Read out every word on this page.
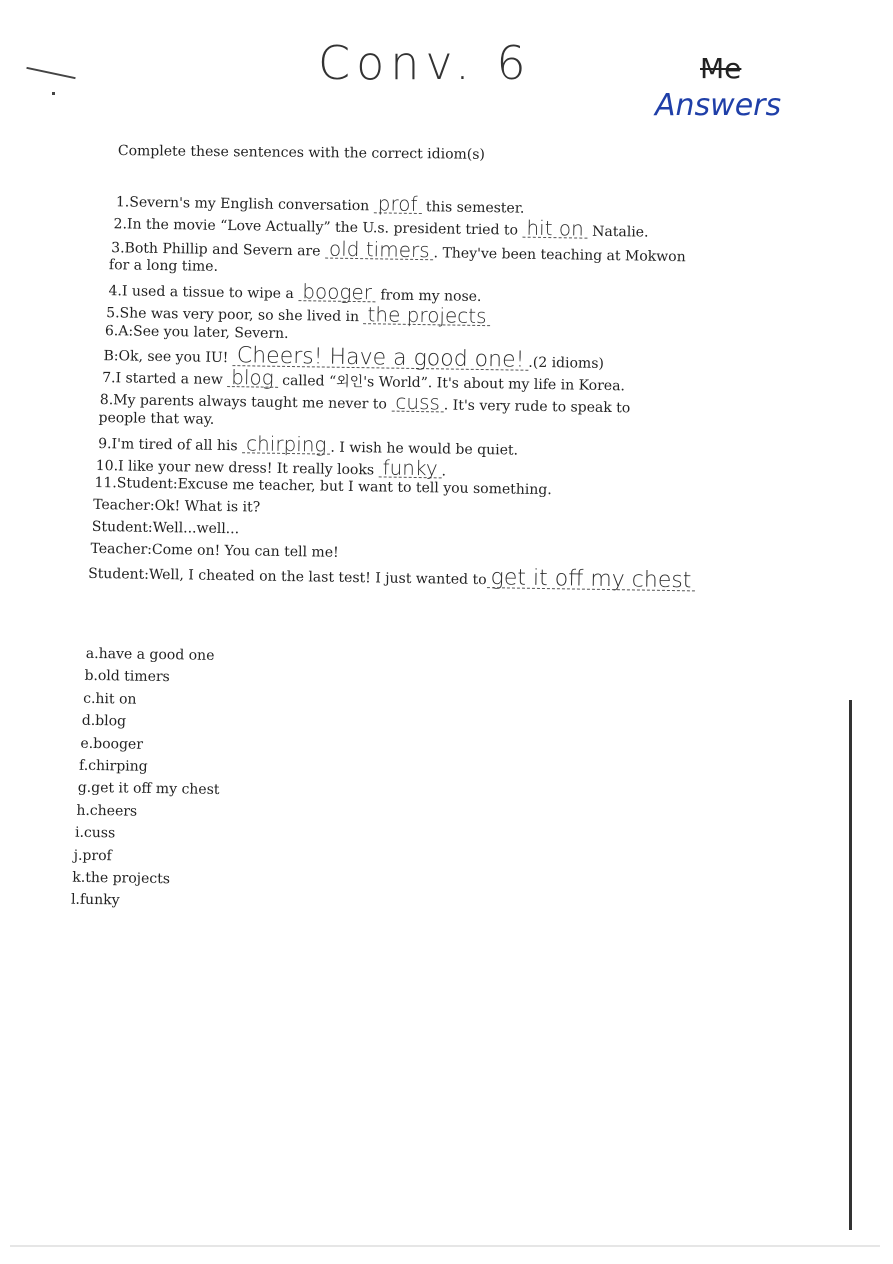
Conv. 6	Me
Answers
Complete these sentences with the correct idiom(s)
1.Severn's my English conversation prof this semester.
2.In the movie “Love Actually” the U.s. president tried to hit on Natalie.
3.Both Phillip and Severn are old timers . They've been teaching at Mokwon
for a long time.
4.I used a tissue to wipe a booger from my nose.
5.She was very poor, so she lived in the projects
6.A:See you later, Severn.
B:Ok, see you IU! Cheers! Have a good one! .(2 idioms)
7.I started a new blog called “외인's World”. It's about my life in Korea.
8.My parents always taught me never to cuss . It's very rude to speak to
people that way.
9.I'm tired of all his chirping . I wish he would be quiet.
10.I like your new dress! It really looks funky .
11.Student:Excuse me teacher, but I want to tell you something.
Teacher:Ok! What is it?
Student:Well...well...
Teacher:Come on! You can tell me!
Student:Well, I cheated on the last test! I just wanted to get it off my chest
a.have a good one
b.old timers
c.hit on
d.blog
e.booger
f.chirping
g.get it off my chest
h.cheers
i.cuss
j.prof
k.the projects
l.funky
